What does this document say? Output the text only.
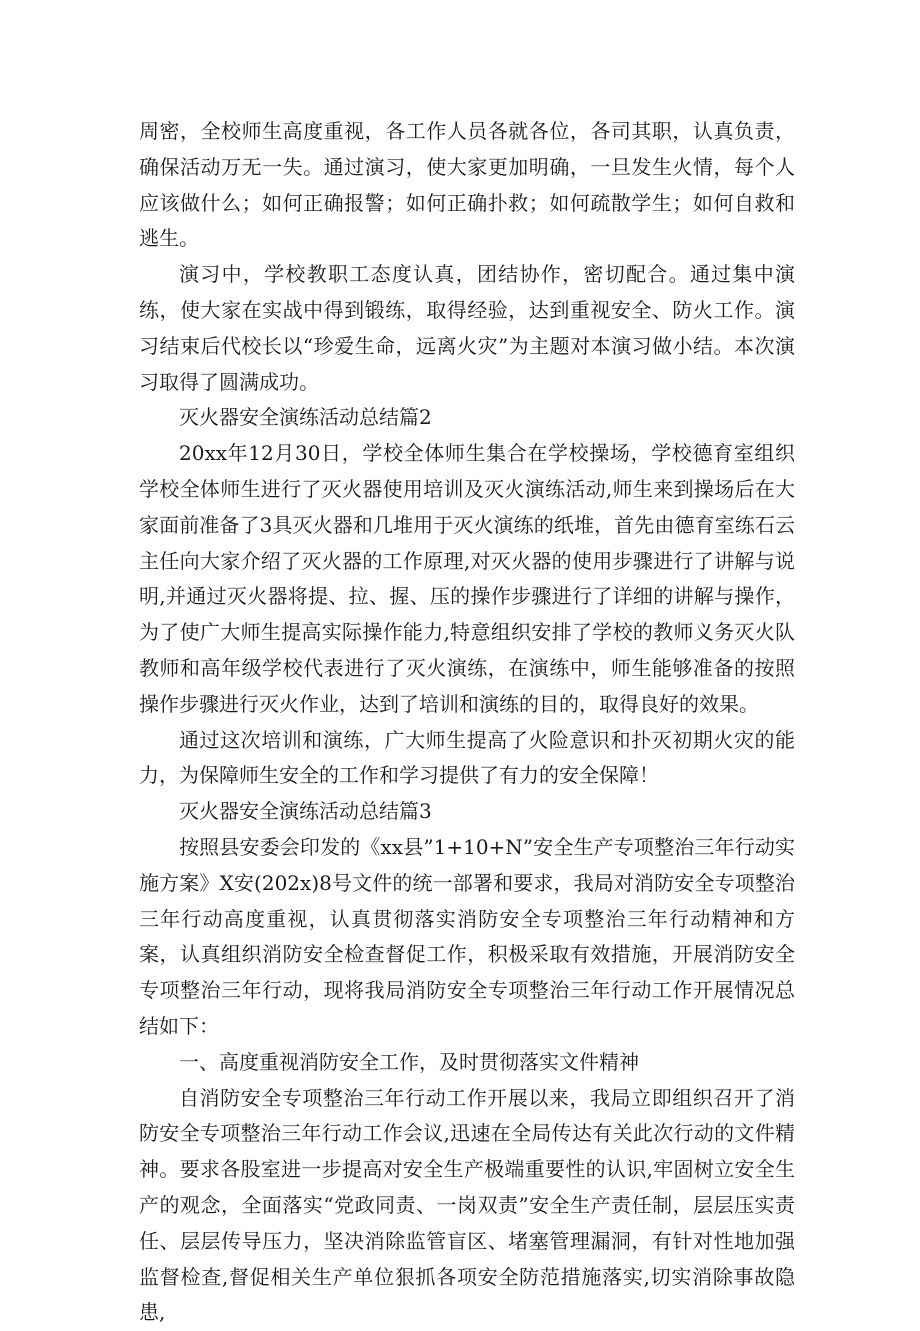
周密，全校师生高度重视，各工作人员各就各位，各司其职，认真负责，确保活动万无一失。通过演习，使大家更加明确，一旦发生火情，每个人应该做什么；如何正确报警；如何正确扑救；如何疏散学生；如何自救和逃生。

演习中，学校教职工态度认真，团结协作，密切配合。通过集中演练，使大家在实战中得到锻练，取得经验，达到重视安全、防火工作。演习结束后代校长以“珍爱生命，远离火灾”为主题对本演习做小结。本次演习取得了圆满成功。

灭火器安全演练活动总结篇2

20xx年12月30日，学校全体师生集合在学校操场，学校德育室组织学校全体师生进行了灭火器使用培训及灭火演练活动,师生来到操场后在大家面前准备了3具灭火器和几堆用于灭火演练的纸堆，首先由德育室练石云主任向大家介绍了灭火器的工作原理,对灭火器的使用步骤进行了讲解与说明,并通过灭火器将提、拉、握、压的操作步骤进行了详细的讲解与操作，为了使广大师生提高实际操作能力,特意组织安排了学校的教师义务灭火队教师和高年级学校代表进行了灭火演练，在演练中，师生能够准备的按照操作步骤进行灭火作业，达到了培训和演练的目的，取得良好的效果。

通过这次培训和演练，广大师生提高了火险意识和扑灭初期火灾的能力，为保障师生安全的工作和学习提供了有力的安全保障！

灭火器安全演练活动总结篇3

按照县安委会印发的《xx县”1+10+N”安全生产专项整治三年行动实施方案》X安(202x)8号文件的统一部署和要求，我局对消防安全专项整治三年行动高度重视，认真贯彻落实消防安全专项整治三年行动精神和方案，认真组织消防安全检查督促工作，积极采取有效措施，开展消防安全专项整治三年行动，现将我局消防安全专项整治三年行动工作开展情况总结如下：

一、高度重视消防安全工作，及时贯彻落实文件精神

自消防安全专项整治三年行动工作开展以来，我局立即组织召开了消防安全专项整治三年行动工作会议,迅速在全局传达有关此次行动的文件精神。要求各股室进一步提高对安全生产极端重要性的认识,牢固树立安全生产的观念，全面落实“党政同责、一岗双责”安全生产责任制，层层压实责任、层层传导压力，坚决消除监管盲区、堵塞管理漏洞，有针对性地加强监督检查,督促相关生产单位狠抓各项安全防范措施落实,切实消除事故隐患,
